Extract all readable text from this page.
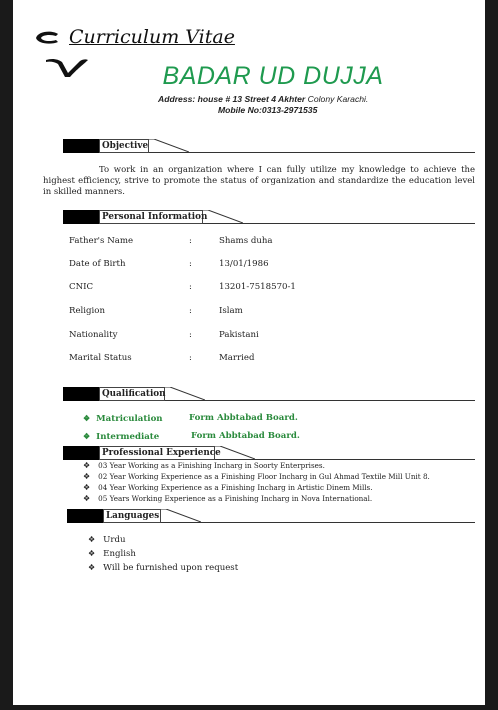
Curriculum Vitae
BADAR UD DUJJA
Address: house # 13 Street 4 Akhter Colony Karachi.
Mobile No:0313-2971535
Objective
To work in an organization where I can fully utilize my knowledge to achieve the highest efficiency, strive to promote the status of organization and standardize the education level in skilled manners.
Personal Information
Father's Name	:	Shams duha
Date of Birth	:	13/01/1986
CNIC	:	13201-7518570-1
Religion	:	Islam
Nationality	:	Pakistani
Marital Status	:	Married
Qualification
❖ Matriculation	Form Abbtabad Board.
❖ Intermediate	Form Abbtabad Board.
Professional Experience
❖ 03 Year Working as a Finishing Incharg in Soorty Enterprises.
❖ 02 Year Working Experience as a Finishing Floor Incharg in Gul Ahmad Textile Mill Unit 8.
❖ 04 Year Working Experience as a Finishing Incharg in Artistic Dinem Mills.
❖ 05 Years Working Experience as a Finishing Incharg in Nova International.
Languages
❖ Urdu
❖ English
❖ Will be furnished upon request
